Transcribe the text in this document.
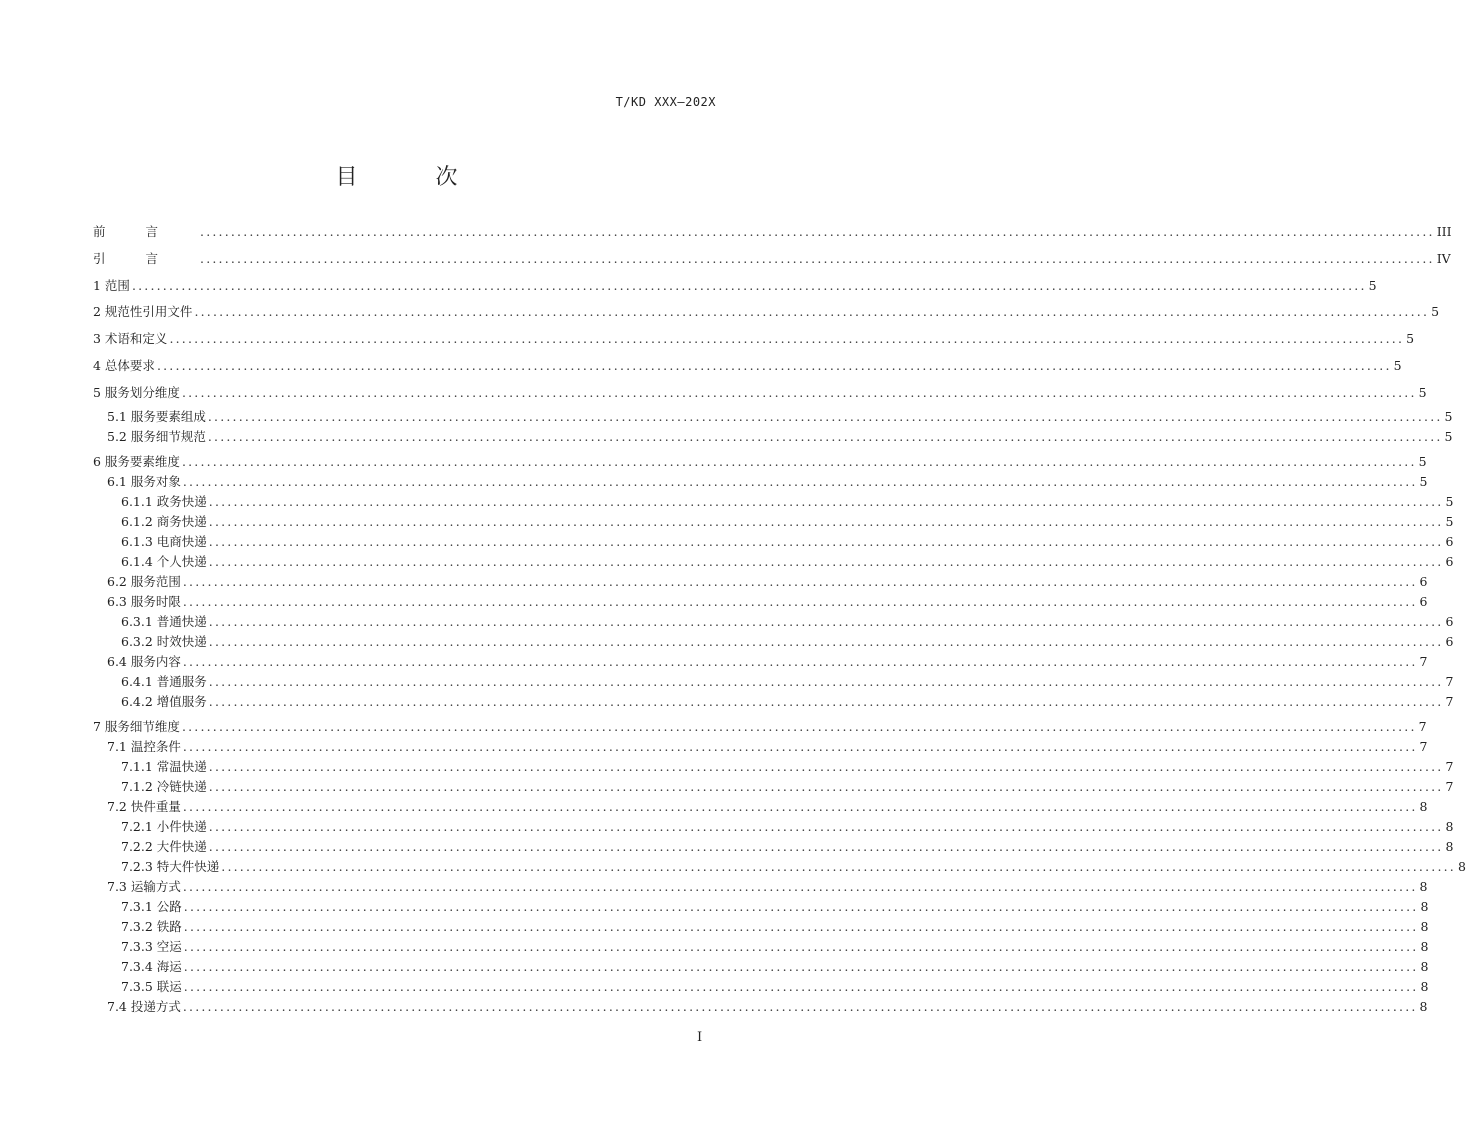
T/KD XXX—202X
目　次
前言 ........................................................................................................................................................................................................ III
引言 ........................................................................................................................................................................................................ IV
1 范围 ........................................................................................................................................................................................................ 5
2 规范性引用文件 ........................................................................................................................................................................................................ 5
3 术语和定义 ........................................................................................................................................................................................................ 5
4 总体要求 ........................................................................................................................................................................................................ 5
5 服务划分维度 ........................................................................................................................................................................................................ 5
5.1 服务要素组成 ........................................................................................................................................................................................................ 5
5.2 服务细节规范 ........................................................................................................................................................................................................ 5
6 服务要素维度 ........................................................................................................................................................................................................ 5
6.1 服务对象 ........................................................................................................................................................................................................ 5
6.1.1 政务快递 ........................................................................................................................................................................................................ 5
6.1.2 商务快递 ........................................................................................................................................................................................................ 5
6.1.3 电商快递 ........................................................................................................................................................................................................ 6
6.1.4 个人快递 ........................................................................................................................................................................................................ 6
6.2 服务范围 ........................................................................................................................................................................................................ 6
6.3 服务时限 ........................................................................................................................................................................................................ 6
6.3.1 普通快递 ........................................................................................................................................................................................................ 6
6.3.2 时效快递 ........................................................................................................................................................................................................ 6
6.4 服务内容 ........................................................................................................................................................................................................ 7
6.4.1 普通服务 ........................................................................................................................................................................................................ 7
6.4.2 增值服务 ........................................................................................................................................................................................................ 7
7 服务细节维度 ........................................................................................................................................................................................................ 7
7.1 温控条件 ........................................................................................................................................................................................................ 7
7.1.1 常温快递 ........................................................................................................................................................................................................ 7
7.1.2 冷链快递 ........................................................................................................................................................................................................ 7
7.2 快件重量 ........................................................................................................................................................................................................ 8
7.2.1 小件快递 ........................................................................................................................................................................................................ 8
7.2.2 大件快递 ........................................................................................................................................................................................................ 8
7.2.3 特大件快递 ........................................................................................................................................................................................................ 8
7.3 运输方式 ........................................................................................................................................................................................................ 8
7.3.1 公路 ........................................................................................................................................................................................................ 8
7.3.2 铁路 ........................................................................................................................................................................................................ 8
7.3.3 空运 ........................................................................................................................................................................................................ 8
7.3.4 海运 ........................................................................................................................................................................................................ 8
7.3.5 联运 ........................................................................................................................................................................................................ 8
7.4 投递方式 ........................................................................................................................................................................................................ 8
I
